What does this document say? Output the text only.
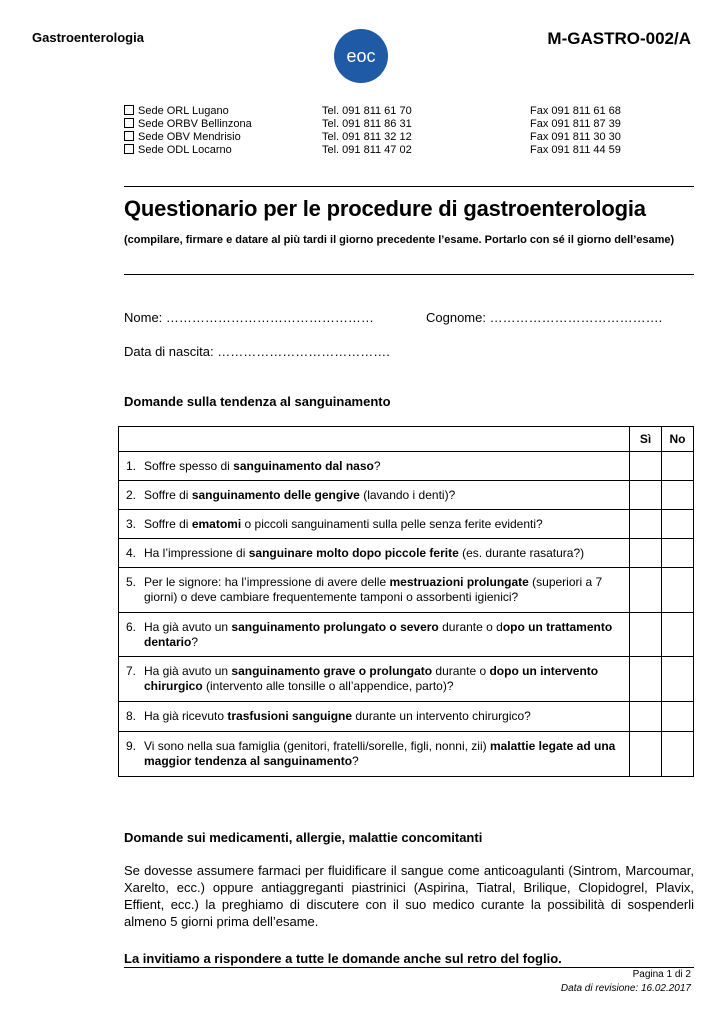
Gastroenterologia
eoc
M-GASTRO-002/A
Sede ORL Lugano	Tel. 091 811 61 70	Fax 091 811 61 68
Sede ORBV Bellinzona	Tel. 091 811 86 31	Fax 091 811 87 39
Sede OBV Mendrisio	Tel. 091 811 32 12	Fax 091 811 30 30
Sede ODL Locarno	Tel. 091 811 47 02	Fax 091 811 44 59
Questionario per le procedure di gastroenterologia
(compilare, firmare e datare al più tardi il giorno precedente l’esame. Portarlo con sé il giorno dell’esame)
Nome: …………………………………………	Cognome: ………………………………….
Data di nascita: ………………………………….
Domande sulla tendenza al sanguinamento
	Sì	No

1. Soffre spesso di sanguinamento dal naso?		

2. Soffre di sanguinamento delle gengive (lavando i denti)?		

3. Soffre di ematomi o piccoli sanguinamenti sulla pelle senza ferite evidenti?		

4. Ha l’impressione di sanguinare molto dopo piccole ferite (es. durante rasatura?)		

5. Per le signore: ha l’impressione di avere delle mestruazioni prolungate (superiori a 7 giorni) o deve cambiare frequentemente tamponi o assorbenti igienici?		

6. Ha già avuto un sanguinamento prolungato o severo durante o dopo un trattamento dentario?		

7. Ha già avuto un sanguinamento grave o prolungato durante o dopo un intervento chirurgico (intervento alle tonsille o all’appendice, parto)?		

8. Ha già ricevuto trasfusioni sanguigne durante un intervento chirurgico?		

9. Vi sono nella sua famiglia (genitori, fratelli/sorelle, figli, nonni, zii) malattie legate ad una maggior tendenza al sanguinamento?		

Domande sui medicamenti, allergie, malattie concomitanti
Se dovesse assumere farmaci per fluidificare il sangue come anticoagulanti (Sintrom, Marcoumar, Xarelto, ecc.) oppure antiaggreganti piastrinici (Aspirina, Tiatral, Brilique, Clopidogrel, Plavix, Effient, ecc.) la preghiamo di discutere con il suo medico curante la possibilità di sospenderli almeno 5 giorni prima dell’esame.
La invitiamo a rispondere a tutte le domande anche sul retro del foglio.
Pagina 1 di 2
Data di revisione: 16.02.2017
